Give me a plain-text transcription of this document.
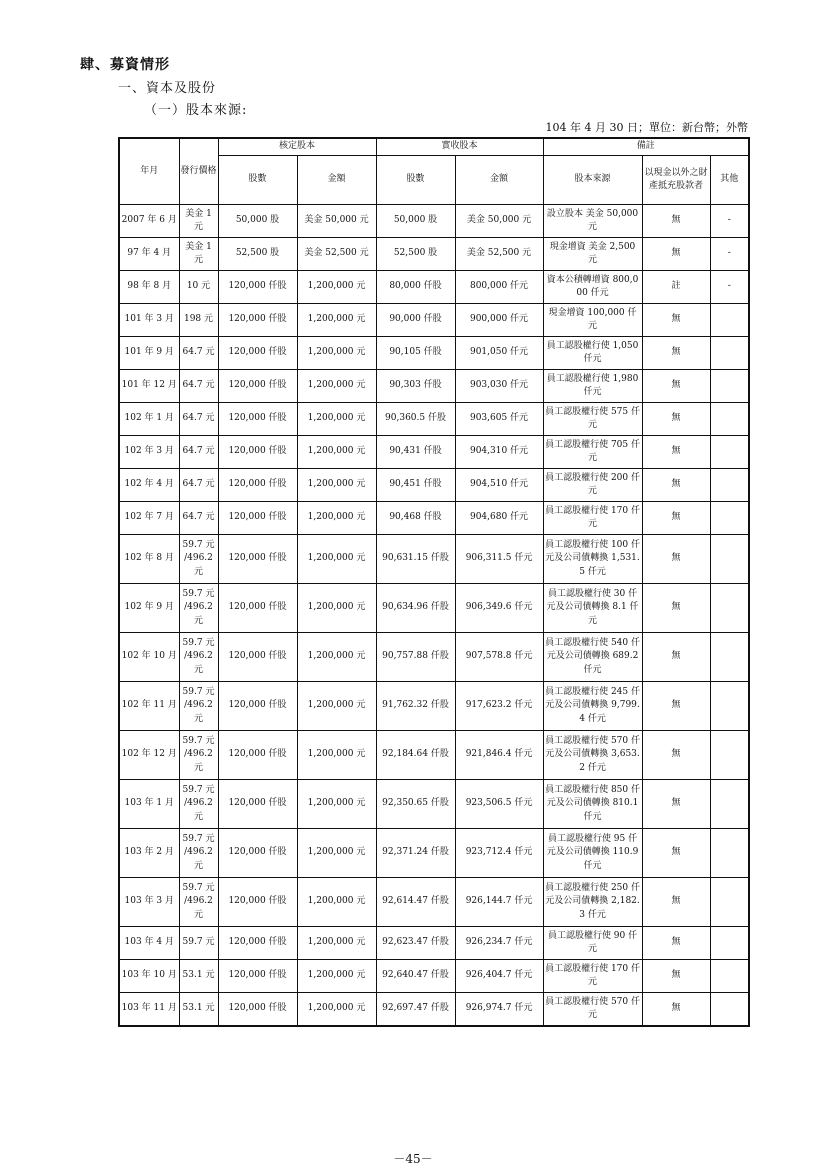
肆、募資情形
一、資本及股份
（一）股本來源:
104 年 4 月 30 日；單位：新台幣；外幣
年月	發行價格	核定股本		實收股本		備註		
		股數	金額	股數	金額	股本來源	以現金以外之財產抵充股款者	其他
2007 年 6 月	美金 1 元	50,000 股	美金 50,000 元	50,000 股	美金 50,000 元	設立股本 美金 50,000 元	無	-
97 年 4 月	美金 1 元	52,500 股	美金 52,500 元	52,500 股	美金 52,500 元	現金增資 美金 2,500 元	無	-
98 年 8 月	10 元	120,000 仟股	1,200,000 元	80,000 仟股	800,000 仟元	資本公積轉增資 800,000 仟元	註	-
101 年 3 月	198 元	120,000 仟股	1,200,000 元	90,000 仟股	900,000 仟元	現金增資 100,000 仟元	無	
101 年 9 月	64.7 元	120,000 仟股	1,200,000 元	90,105 仟股	901,050 仟元	員工認股權行使 1,050 仟元	無	
101 年 12 月	64.7 元	120,000 仟股	1,200,000 元	90,303 仟股	903,030 仟元	員工認股權行使 1,980 仟元	無	
102 年 1 月	64.7 元	120,000 仟股	1,200,000 元	90,360.5 仟股	903,605 仟元	員工認股權行使 575 仟元	無	
102 年 3 月	64.7 元	120,000 仟股	1,200,000 元	90,431 仟股	904,310 仟元	員工認股權行使 705 仟元	無	
102 年 4 月	64.7 元	120,000 仟股	1,200,000 元	90,451 仟股	904,510 仟元	員工認股權行使 200 仟元	無	
102 年 7 月	64.7 元	120,000 仟股	1,200,000 元	90,468 仟股	904,680 仟元	員工認股權行使 170 仟元	無	
102 年 8 月	59.7 元 /496.2 元	120,000 仟股	1,200,000 元	90,631.15 仟股	906,311.5 仟元	員工認股權行使 100 仟元及公司債轉換 1,531.5 仟元	無	
102 年 9 月	59.7 元 /496.2 元	120,000 仟股	1,200,000 元	90,634.96 仟股	906,349.6 仟元	員工認股權行使 30 仟元及公司債轉換 8.1 仟元	無	
102 年 10 月	59.7 元 /496.2 元	120,000 仟股	1,200,000 元	90,757.88 仟股	907,578.8 仟元	員工認股權行使 540 仟元及公司債轉換 689.2 仟元	無	
102 年 11 月	59.7 元 /496.2 元	120,000 仟股	1,200,000 元	91,762.32 仟股	917,623.2 仟元	員工認股權行使 245 仟元及公司債轉換 9,799.4 仟元	無	
102 年 12 月	59.7 元 /496.2 元	120,000 仟股	1,200,000 元	92,184.64 仟股	921,846.4 仟元	員工認股權行使 570 仟元及公司債轉換 3,653.2 仟元	無	
103 年 1 月	59.7 元 /496.2 元	120,000 仟股	1,200,000 元	92,350.65 仟股	923,506.5 仟元	員工認股權行使 850 仟元及公司債轉換 810.1 仟元	無	
103 年 2 月	59.7 元 /496.2 元	120,000 仟股	1,200,000 元	92,371.24 仟股	923,712.4 仟元	員工認股權行使 95 仟元及公司債轉換 110.9 仟元	無	
103 年 3 月	59.7 元 /496.2 元	120,000 仟股	1,200,000 元	92,614.47 仟股	926,144.7 仟元	員工認股權行使 250 仟元及公司債轉換 2,182.3 仟元	無	
103 年 4 月	59.7 元	120,000 仟股	1,200,000 元	92,623.47 仟股	926,234.7 仟元	員工認股權行使 90 仟元	無	
103 年 10 月	53.1 元	120,000 仟股	1,200,000 元	92,640.47 仟股	926,404.7 仟元	員工認股權行使 170 仟元	無	
103 年 11 月	53.1 元	120,000 仟股	1,200,000 元	92,697.47 仟股	926,974.7 仟元	員工認股權行使 570 仟元	無	
－45－
